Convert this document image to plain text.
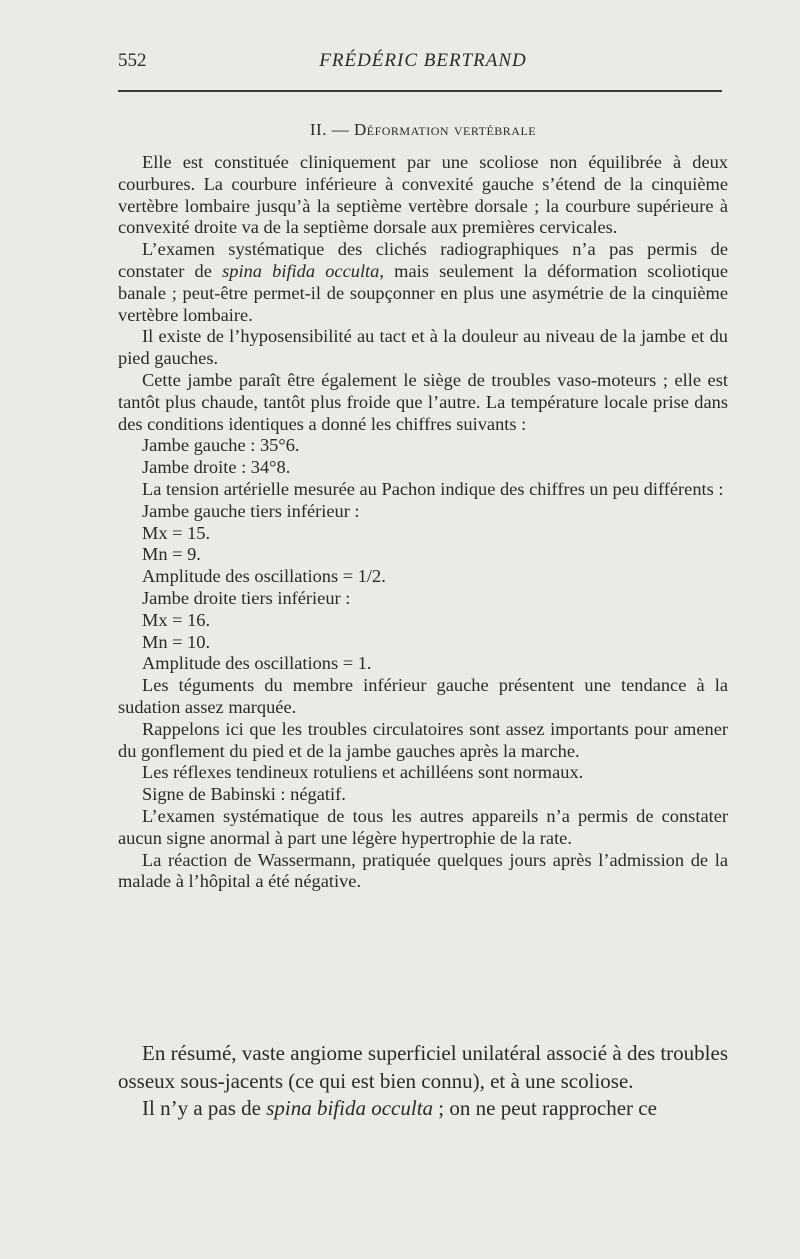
552	FRÉDÉRIC BERTRAND
II. — Déformation vertébrale

Elle est constituée cliniquement par une scoliose non équilibrée à deux courbures. La courbure inférieure à convexité gauche s’étend de la cinquième vertèbre lombaire jusqu’à la septième vertèbre dorsale ; la courbure supérieure à convexité droite va de la septième dorsale aux premières cervicales.

L’examen systématique des clichés radiographiques n’a pas permis de constater de spina bifida occulta, mais seulement la déformation scoliotique banale ; peut-être permet-il de soupçonner en plus une asymétrie de la cinquième vertèbre lombaire.

Il existe de l’hyposensibilité au tact et à la douleur au niveau de la jambe et du pied gauches.

Cette jambe paraît être également le siège de troubles vaso-moteurs ; elle est tantôt plus chaude, tantôt plus froide que l’autre. La température locale prise dans des conditions identiques a donné les chiffres suivants :

Jambe gauche : 35°6.

Jambe droite : 34°8.

La tension artérielle mesurée au Pachon indique des chiffres un peu différents :

Jambe gauche tiers inférieur :

Mx = 15.

Mn = 9.

Amplitude des oscillations = 1/2.

Jambe droite tiers inférieur :

Mx = 16.

Mn = 10.

Amplitude des oscillations = 1.

Les téguments du membre inférieur gauche présentent une tendance à la sudation assez marquée.

Rappelons ici que les troubles circulatoires sont assez importants pour amener du gonflement du pied et de la jambe gauches après la marche.

Les réflexes tendineux rotuliens et achilléens sont normaux.

Signe de Babinski : négatif.

L’examen systématique de tous les autres appareils n’a permis de constater aucun signe anormal à part une légère hypertrophie de la rate.

La réaction de Wassermann, pratiquée quelques jours après l’admission de la malade à l’hôpital a été négative.

En résumé, vaste angiome superficiel unilatéral associé à des troubles osseux sous-jacents (ce qui est bien connu), et à une scoliose.

Il n’y a pas de spina bifida occulta ; on ne peut rapprocher ce
